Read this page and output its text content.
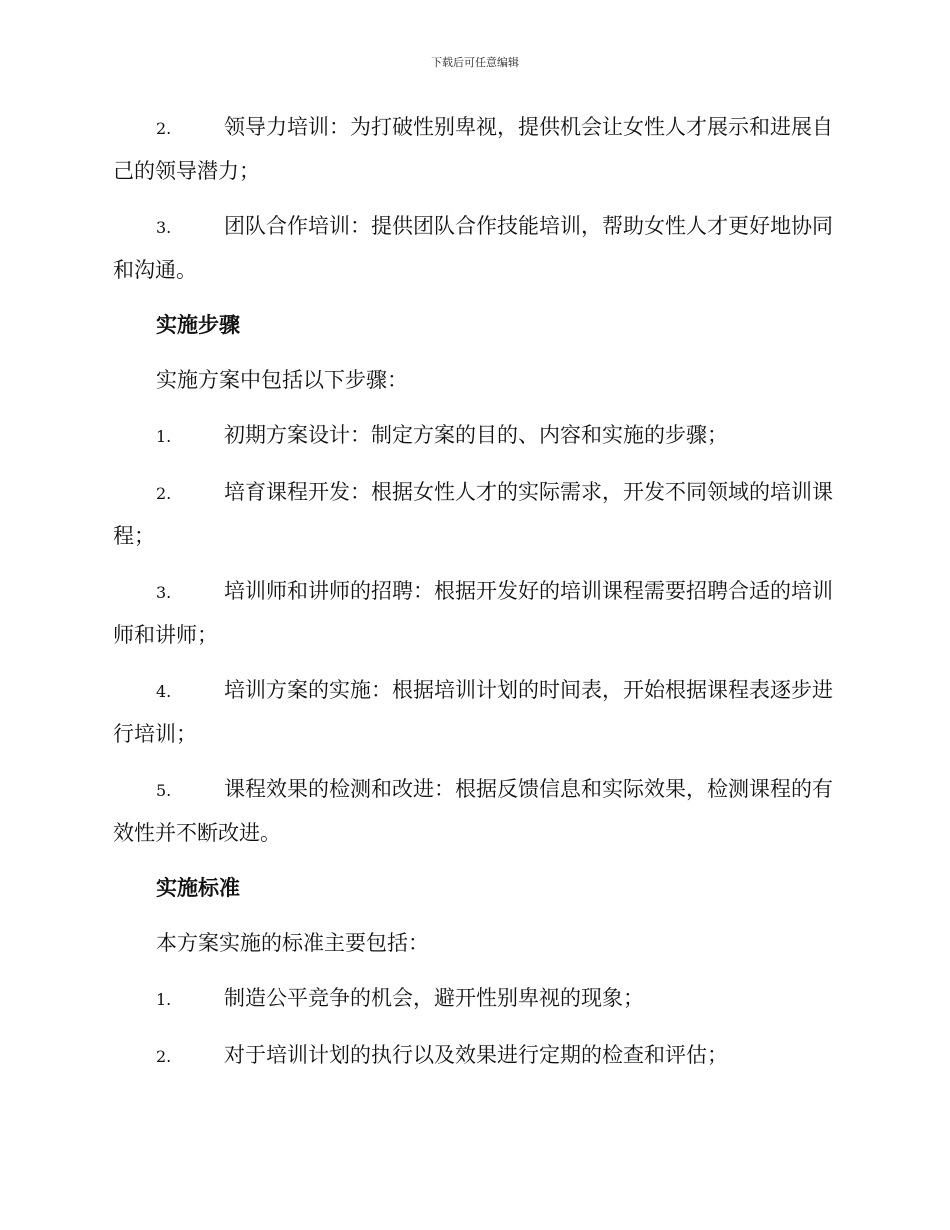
下载后可任意编辑
2.	领导力培训：为打破性别卑视，提供机会让女性人才展示和进展自己的领导潜力；
3.	团队合作培训：提供团队合作技能培训，帮助女性人才更好地协同和沟通。
实施步骤
实施方案中包括以下步骤：
1.	初期方案设计：制定方案的目的、内容和实施的步骤；
2.	培育课程开发：根据女性人才的实际需求，开发不同领域的培训课程；
3.	培训师和讲师的招聘：根据开发好的培训课程需要招聘合适的培训师和讲师；
4.	培训方案的实施：根据培训计划的时间表，开始根据课程表逐步进行培训；
5.	课程效果的检测和改进：根据反馈信息和实际效果，检测课程的有效性并不断改进。
实施标准
本方案实施的标准主要包括：
1.	制造公平竞争的机会，避开性别卑视的现象；
2.	对于培训计划的执行以及效果进行定期的检查和评估；
